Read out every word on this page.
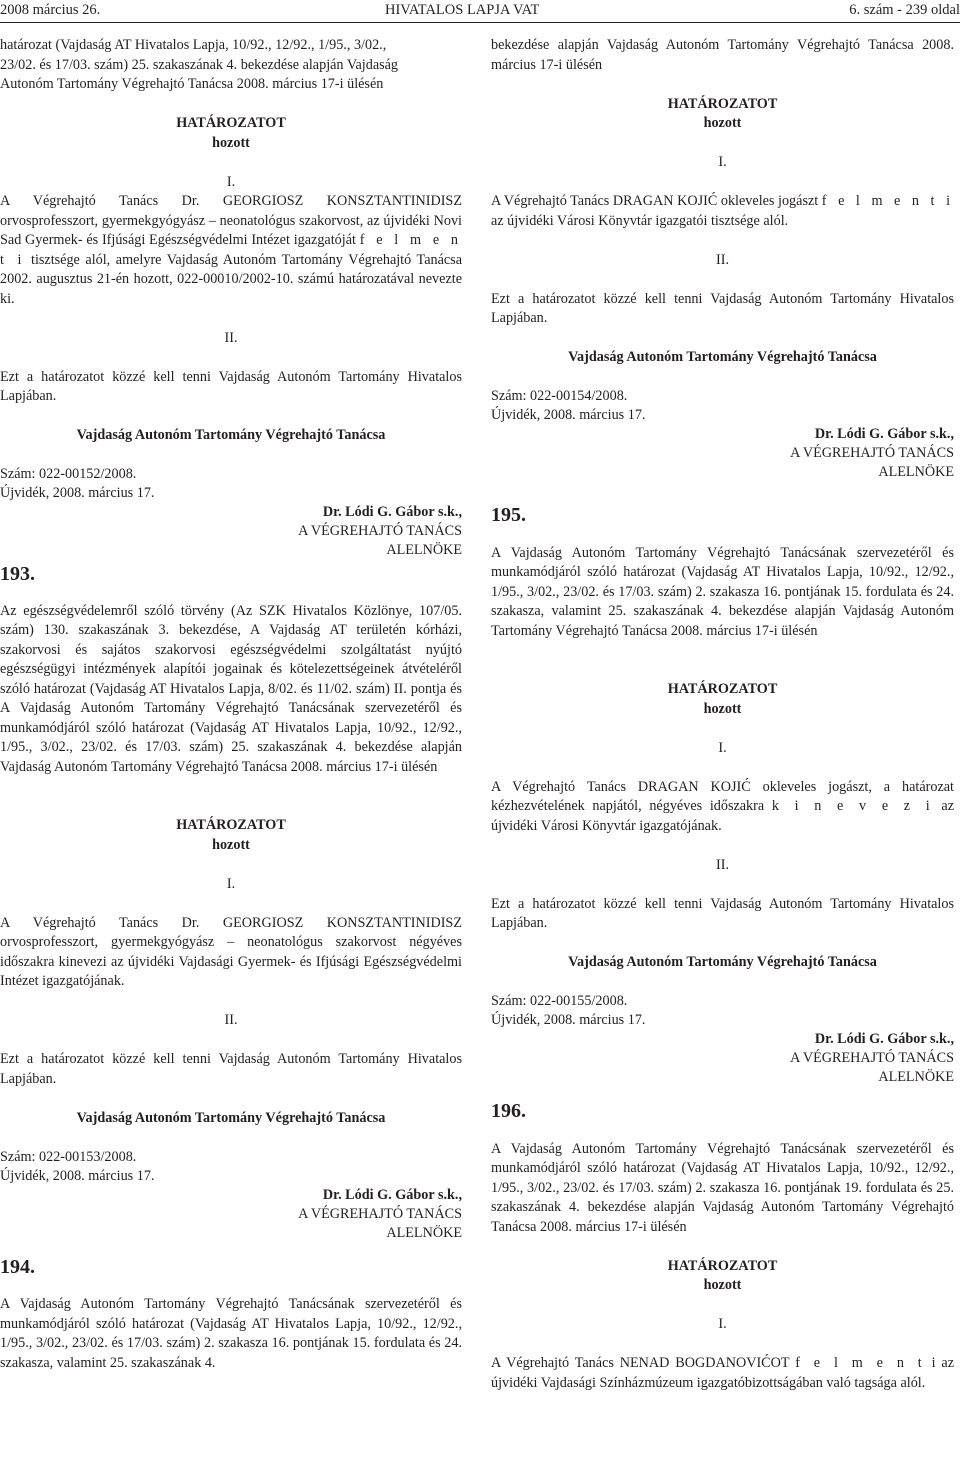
2008 március 26.	HIVATALOS LAPJA VAT	6. szám - 239 oldal

határozat (Vajdaság AT Hivatalos Lapja, 10/92., 12/92., 1/95., 3/02.,

23/02. és 17/03. szám) 25. szakaszának 4. bekezdése alapján Vajdaság

Autonóm Tartomány Végrehajtó Tanácsa 2008. március 17-i ülésén

HATÁROZATOT

hozott

I.

A Végrehajtó Tanács Dr. GEORGIOSZ KONSZTANTINIDISZ orvosprofesszort, gyermekgyógyász – neonatológus szakorvost, az újvidéki Novi Sad Gyermek- és Ifjúsági Egészségvédelmi Intézet igazgatóját f e l m e n t i tisztsége alól, amelyre Vajdaság Autonóm Tartomány Végrehajtó Tanácsa 2002. augusztus 21-én hozott, 022-00010/2002-10. számú határozatával nevezte ki.

II.

Ezt a határozatot közzé kell tenni Vajdaság Autonóm Tartomány Hivatalos Lapjában.

Vajdaság Autonóm Tartomány Végrehajtó Tanácsa

Szám: 022-00152/2008.
Újvidék, 2008. március 17.
Dr. Lódi G. Gábor s.k.,
A VÉGREHAJTÓ TANÁCS
ALELNÖKE
193.

Az egészségvédelemről szóló törvény (Az SZK Hivatalos Közlönye, 107/05. szám) 130. szakaszának 3. bekezdése, A Vajdaság AT területén kórházi, szakorvosi és sajátos szakorvosi egészségvédelmi szolgáltatást nyújtó egészségügyi intézmények alapítói jogainak és kötelezettségeinek átvételéről szóló határozat (Vajdaság AT Hivatalos Lapja, 8/02. és 11/02. szám) II. pontja és A Vajdaság Autonóm Tartomány Végrehajtó Tanácsának szervezetéről és munkamódjáról szóló határozat (Vajdaság AT Hivatalos Lapja, 10/92., 12/92., 1/95., 3/02., 23/02. és 17/03. szám) 25. szakaszának 4. bekezdése alapján Vajdaság Autonóm Tartomány Végrehajtó Tanácsa 2008. március 17-i ülésén

HATÁROZATOT

hozott

I.

A Végrehajtó Tanács Dr. GEORGIOSZ KONSZTANTINIDISZ orvosprofesszort, gyermekgyógyász – neonatológus szakorvost négyéves időszakra kinevezi az újvidéki Vajdasági Gyermek- és Ifjúsági Egészségvédelmi Intézet igazgatójának.

II.

Ezt a határozatot közzé kell tenni Vajdaság Autonóm Tartomány Hivatalos Lapjában.

Vajdaság Autonóm Tartomány Végrehajtó Tanácsa

Szám: 022-00153/2008.
Újvidék, 2008. március 17.
Dr. Lódi G. Gábor s.k.,
A VÉGREHAJTÓ TANÁCS
ALELNÖKE
194.

A Vajdaság Autonóm Tartomány Végrehajtó Tanácsának szervezetéről és munkamódjáról szóló határozat (Vajdaság AT Hivatalos Lapja, 10/92., 12/92., 1/95., 3/02., 23/02. és 17/03. szám) 2. szakasza 16. pontjának 15. fordulata és 24. szakasza, valamint 25. szakaszának 4.

bekezdése alapján Vajdaság Autonóm Tartomány Végrehajtó Tanácsa 2008. március 17-i ülésén

HATÁROZATOT

hozott

I.

A Végrehajtó Tanács DRAGAN KOJIĆ okleveles jogászt f e l m e n t i az újvidéki Városi Könyvtár igazgatói tisztsége alól.

II.

Ezt a határozatot közzé kell tenni Vajdaság Autonóm Tartomány Hivatalos Lapjában.

Vajdaság Autonóm Tartomány Végrehajtó Tanácsa

Szám: 022-00154/2008.
Újvidék, 2008. március 17.
Dr. Lódi G. Gábor s.k.,
A VÉGREHAJTÓ TANÁCS
ALELNÖKE
195.

A Vajdaság Autonóm Tartomány Végrehajtó Tanácsának szervezetéről és munkamódjáról szóló határozat (Vajdaság AT Hivatalos Lapja, 10/92., 12/92., 1/95., 3/02., 23/02. és 17/03. szám) 2. szakasza 16. pontjának 15. fordulata és 24. szakasza, valamint 25. szakaszának 4. bekezdése alapján Vajdaság Autonóm Tartomány Végrehajtó Tanácsa 2008. március 17-i ülésén

HATÁROZATOT

hozott

I.

A Végrehajtó Tanács DRAGAN KOJIĆ okleveles jogászt, a határozat kézhezvételének napjától, négyéves időszakra k i n e v e z i az újvidéki Városi Könyvtár igazgatójának.

II.

Ezt a határozatot közzé kell tenni Vajdaság Autonóm Tartomány Hivatalos Lapjában.

Vajdaság Autonóm Tartomány Végrehajtó Tanácsa

Szám: 022-00155/2008.
Újvidék, 2008. március 17.
Dr. Lódi G. Gábor s.k.,
A VÉGREHAJTÓ TANÁCS
ALELNÖKE
196.

A Vajdaság Autonóm Tartomány Végrehajtó Tanácsának szervezetéről és munkamódjáról szóló határozat (Vajdaság AT Hivatalos Lapja, 10/92., 12/92., 1/95., 3/02., 23/02. és 17/03. szám) 2. szakasza 16. pontjának 19. fordulata és 25. szakaszának 4. bekezdése alapján Vajdaság Autonóm Tartomány Végrehajtó Tanácsa 2008. március 17-i ülésén

HATÁROZATOT

hozott

I.

A Végrehajtó Tanács NENAD BOGDANOVIĆOT f e l m e n t i az újvidéki Vajdasági Színházmúzeum igazgatóbizottságában való tagsága alól.
